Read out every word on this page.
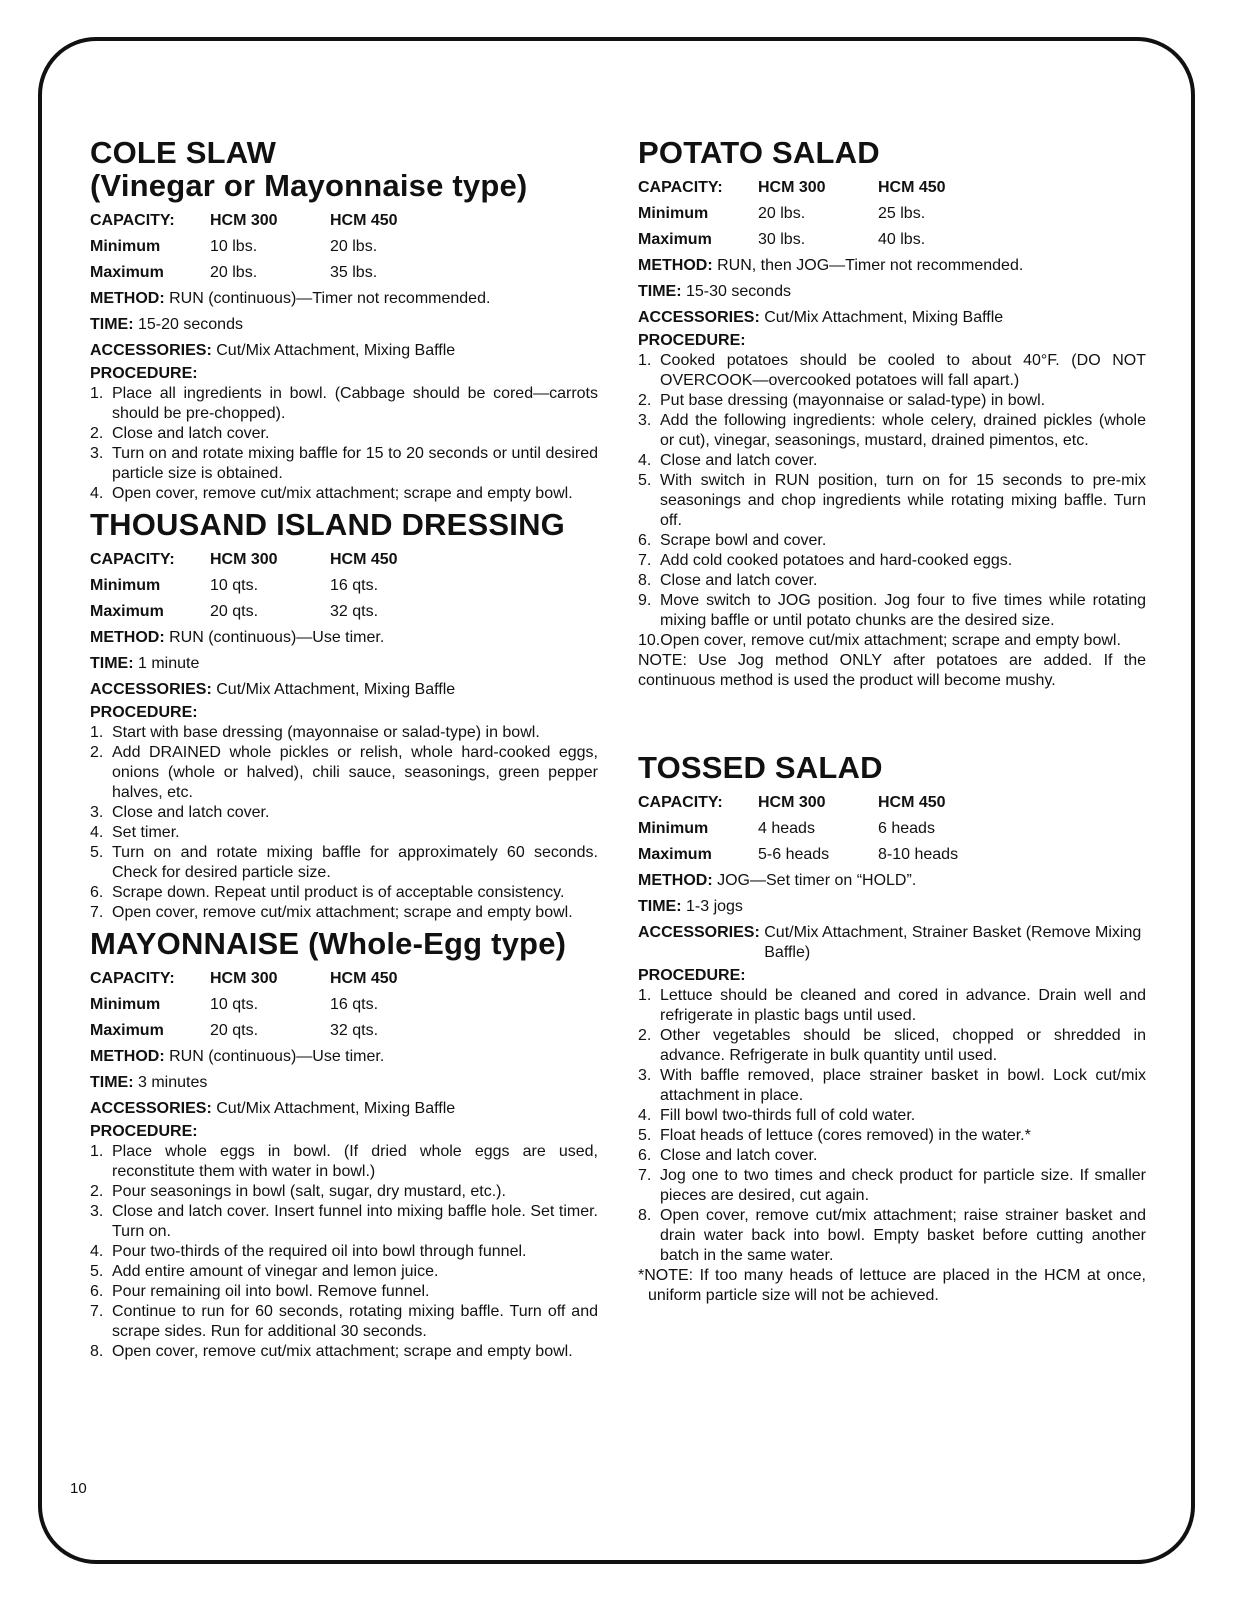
COLE SLAW
(Vinegar or Mayonnaise type)
CAPACITY:	HCM 300	HCM 450
Minimum	10 lbs.	20 lbs.
Maximum	20 lbs.	35 lbs.
METHOD: RUN (continuous)—Timer not recommended.
TIME: 15-20 seconds
ACCESSORIES:
Cut/Mix Attachment, Mixing Baffle
PROCEDURE:
1. Place all ingredients in bowl. (Cabbage should be cored—carrots should be pre-chopped).
2. Close and latch cover.
3. Turn on and rotate mixing baffle for 15 to 20 seconds or until desired particle size is obtained.
4. Open cover, remove cut/mix attachment; scrape and empty bowl.
THOUSAND ISLAND DRESSING
CAPACITY:	HCM 300	HCM 450
Minimum	10 qts.	16 qts.
Maximum	20 qts.	32 qts.
METHOD: RUN (continuous)—Use timer.
TIME: 1 minute
ACCESSORIES:
Cut/Mix Attachment, Mixing Baffle
PROCEDURE:
1. Start with base dressing (mayonnaise or salad-type) in bowl.
2. Add DRAINED whole pickles or relish, whole hard-cooked eggs, onions (whole or halved), chili sauce, seasonings, green pepper halves, etc.
3. Close and latch cover.
4. Set timer.
5. Turn on and rotate mixing baffle for approximately 60 seconds. Check for desired particle size.
6. Scrape down. Repeat until product is of acceptable consistency.
7. Open cover, remove cut/mix attachment; scrape and empty bowl.
MAYONNAISE (Whole-Egg type)
CAPACITY:	HCM 300	HCM 450
Minimum	10 qts.	16 qts.
Maximum	20 qts.	32 qts.
METHOD: RUN (continuous)—Use timer.
TIME: 3 minutes
ACCESSORIES:
Cut/Mix Attachment, Mixing Baffle
PROCEDURE:
1. Place whole eggs in bowl. (If dried whole eggs are used, reconstitute them with water in bowl.)
2. Pour seasonings in bowl (salt, sugar, dry mustard, etc.).
3. Close and latch cover. Insert funnel into mixing baffle hole. Set timer. Turn on.
4. Pour two-thirds of the required oil into bowl through funnel.
5. Add entire amount of vinegar and lemon juice.
6. Pour remaining oil into bowl. Remove funnel.
7. Continue to run for 60 seconds, rotating mixing baffle. Turn off and scrape sides. Run for additional 30 seconds.
8. Open cover, remove cut/mix attachment; scrape and empty bowl.
POTATO SALAD
CAPACITY:	HCM 300	HCM 450
Minimum	20 lbs.	25 lbs.
Maximum	30 lbs.	40 lbs.
METHOD: RUN, then JOG—Timer not recommended.
TIME: 15-30 seconds
ACCESSORIES:
Cut/Mix Attachment, Mixing Baffle
PROCEDURE:
1. Cooked potatoes should be cooled to about 40°F. (DO NOT OVERCOOK—overcooked potatoes will fall apart.)
2. Put base dressing (mayonnaise or salad-type) in bowl.
3. Add the following ingredients: whole celery, drained pickles (whole or cut), vinegar, seasonings, mustard, drained pimentos, etc.
4. Close and latch cover.
5. With switch in RUN position, turn on for 15 seconds to pre-mix seasonings and chop ingredients while rotating mixing baffle. Turn off.
6. Scrape bowl and cover.
7. Add cold cooked potatoes and hard-cooked eggs.
8. Close and latch cover.
9. Move switch to JOG position. Jog four to five times while rotating mixing baffle or until potato chunks are the desired size.
10. Open cover, remove cut/mix attachment; scrape and empty bowl.
NOTE: Use Jog method ONLY after potatoes are added. If the continuous method is used the product will become mushy.
TOSSED SALAD
CAPACITY:	HCM 300	HCM 450
Minimum	4 heads	6 heads
Maximum	5-6 heads	8-10 heads
METHOD: JOG—Set timer on “HOLD”.
TIME: 1-3 jogs
ACCESSORIES:
Cut/Mix Attachment, Strainer Basket (Remove Mixing Baffle)
PROCEDURE:
1. Lettuce should be cleaned and cored in advance. Drain well and refrigerate in plastic bags until used.
2. Other vegetables should be sliced, chopped or shredded in advance. Refrigerate in bulk quantity until used.
3. With baffle removed, place strainer basket in bowl. Lock cut/mix attachment in place.
4. Fill bowl two-thirds full of cold water.
5. Float heads of lettuce (cores removed) in the water.*
6. Close and latch cover.
7. Jog one to two times and check product for particle size. If smaller pieces are desired, cut again.
8. Open cover, remove cut/mix attachment; raise strainer basket and drain water back into bowl. Empty basket before cutting another batch in the same water.
*NOTE: If too many heads of lettuce are placed in the HCM at once, uniform particle size will not be achieved.
10
